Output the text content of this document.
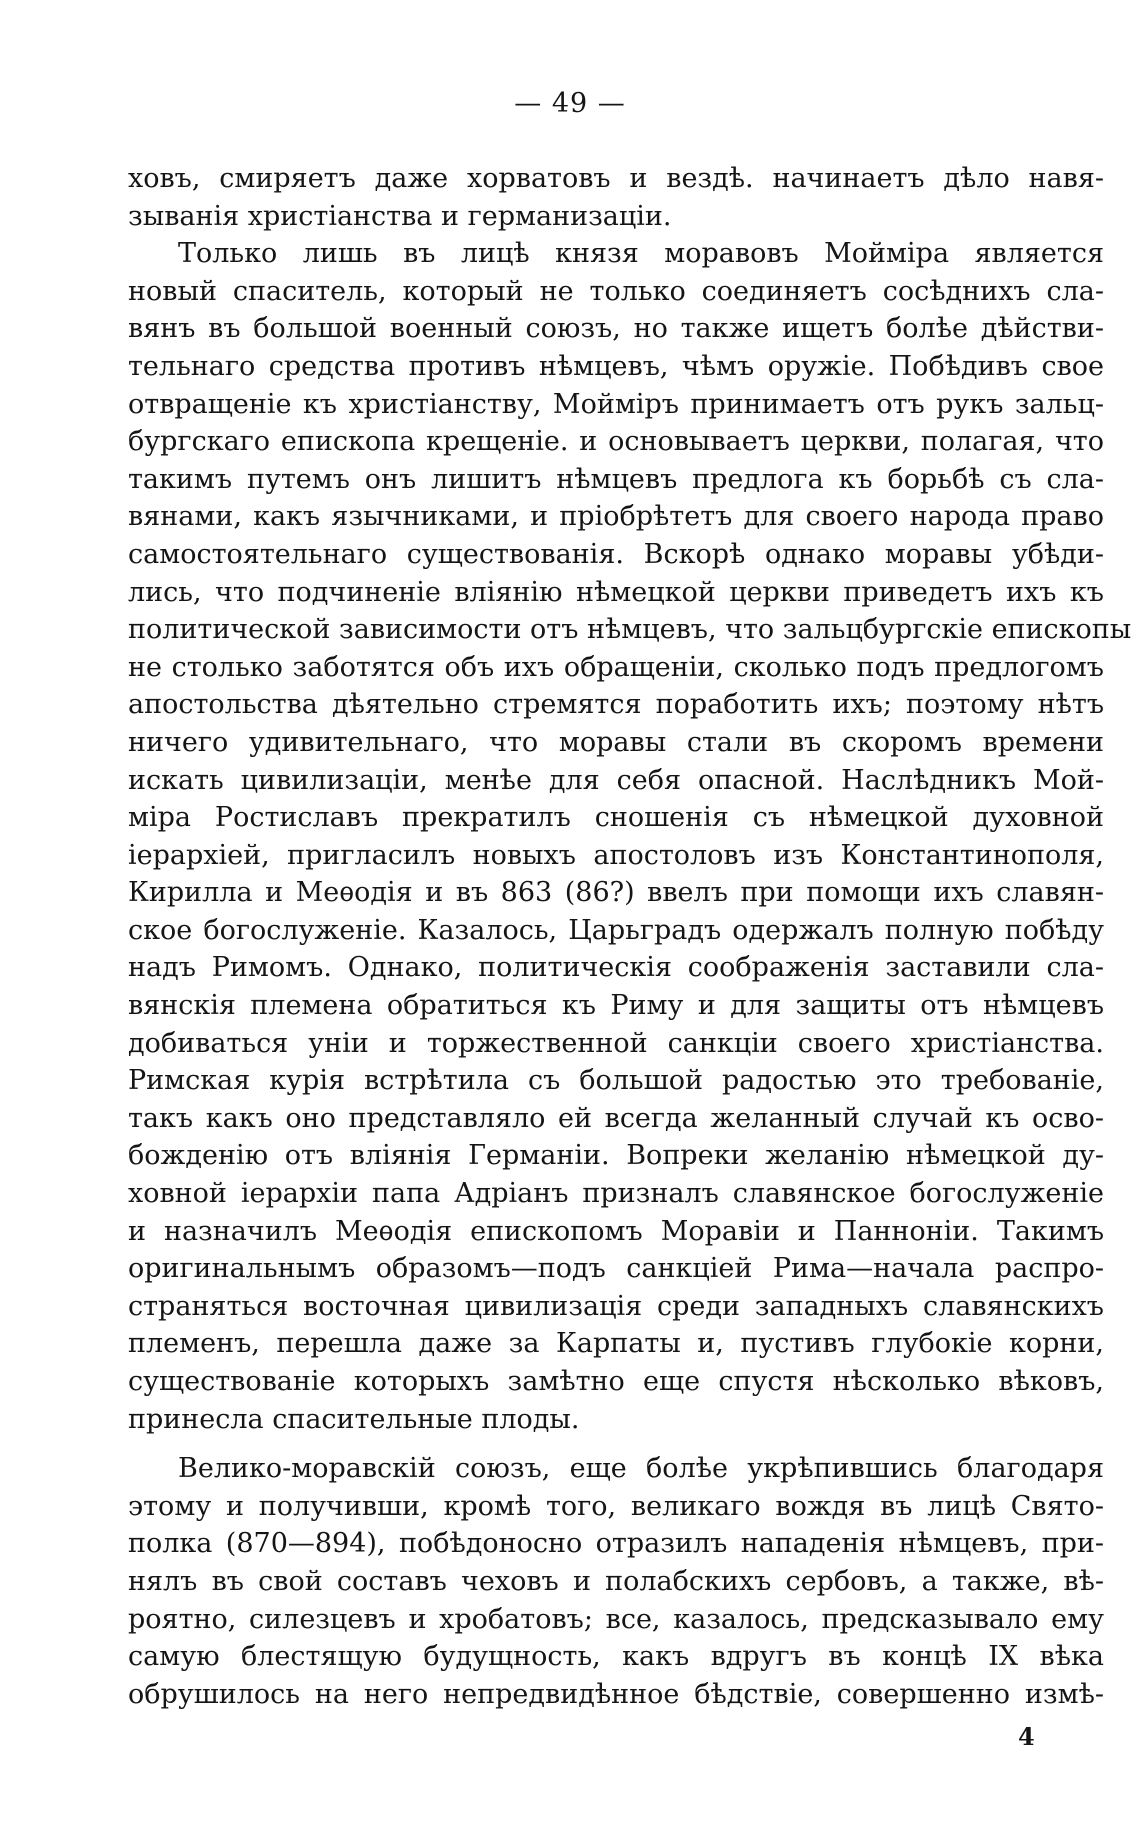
— 49 —
ховъ, смиряетъ даже хорватовъ и вездѣ. начинаетъ дѣло навя-
зыванія христіанства и германизаціи.
Только лишь въ лицѣ князя моравовъ Мойміра является
новый спаситель, который не только соединяетъ сосѣднихъ сла-
вянъ въ большой военный союзъ, но также ищетъ болѣе дѣйстви-
тельнаго средства противъ нѣмцевъ, чѣмъ оружіе. Побѣдивъ свое
отвращеніе къ христіанству, Мойміръ принимаетъ отъ рукъ зальц-
бургскаго епископа крещеніе. и основываетъ церкви, полагая, что
такимъ путемъ онъ лишитъ нѣмцевъ предлога къ борьбѣ съ сла-
вянами, какъ язычниками, и пріобрѣтетъ для своего народа право
самостоятельнаго существованія. Вскорѣ однако моравы убѣди-
лись, что подчиненіе вліянію нѣмецкой церкви приведетъ ихъ къ
политической зависимости отъ нѣмцевъ, что зальцбургскіе епископы
не столько заботятся объ ихъ обращеніи, сколько подъ предлогомъ
апостольства дѣятельно стремятся поработить ихъ; поэтому нѣтъ
ничего удивительнаго, что моравы стали въ скоромъ времени
искать цивилизаціи, менѣе для себя опасной. Наслѣдникъ Мой-
міра Ростиславъ прекратилъ сношенія съ нѣмецкой духовной
іерархіей, пригласилъ новыхъ апостоловъ изъ Константинополя,
Кирилла и Меѳодія и въ 863 (86?) ввелъ при помощи ихъ славян-
ское богослуженіе. Казалось, Царьградъ одержалъ полную побѣду
надъ Римомъ. Однако, политическія соображенія заставили сла-
вянскія племена обратиться къ Риму и для защиты отъ нѣмцевъ
добиваться уніи и торжественной санкціи своего христіанства.
Римская курія встрѣтила съ большой радостью это требованіе,
такъ какъ оно представляло ей всегда желанный случай къ осво-
божденію отъ вліянія Германіи. Вопреки желанію нѣмецкой ду-
ховной іерархіи папа Адріанъ призналъ славянское богослуженіе
и назначилъ Меѳодія епископомъ Моравіи и Панноніи. Такимъ
оригинальнымъ образомъ—подъ санкціей Рима—начала распро-
страняться восточная цивилизація среди западныхъ славянскихъ
племенъ, перешла даже за Карпаты и, пустивъ глубокіе корни,
существованіе которыхъ замѣтно еще спустя нѣсколько вѣковъ,
принесла спасительные плоды.
Велико-моравскій союзъ, еще болѣе укрѣпившись благодаря
этому и получивши, кромѣ того, великаго вождя въ лицѣ Свято-
полка (870—894), побѣдоносно отразилъ нападенія нѣмцевъ, при-
нялъ въ свой составъ чеховъ и полабскихъ сербовъ, а также, вѣ-
роятно, силезцевъ и хробатовъ; все, казалось, предсказывало ему
самую блестящую будущность, какъ вдругъ въ концѣ IX вѣка
обрушилось на него непредвидѣнное бѣдствіе, совершенно измѣ-
4
